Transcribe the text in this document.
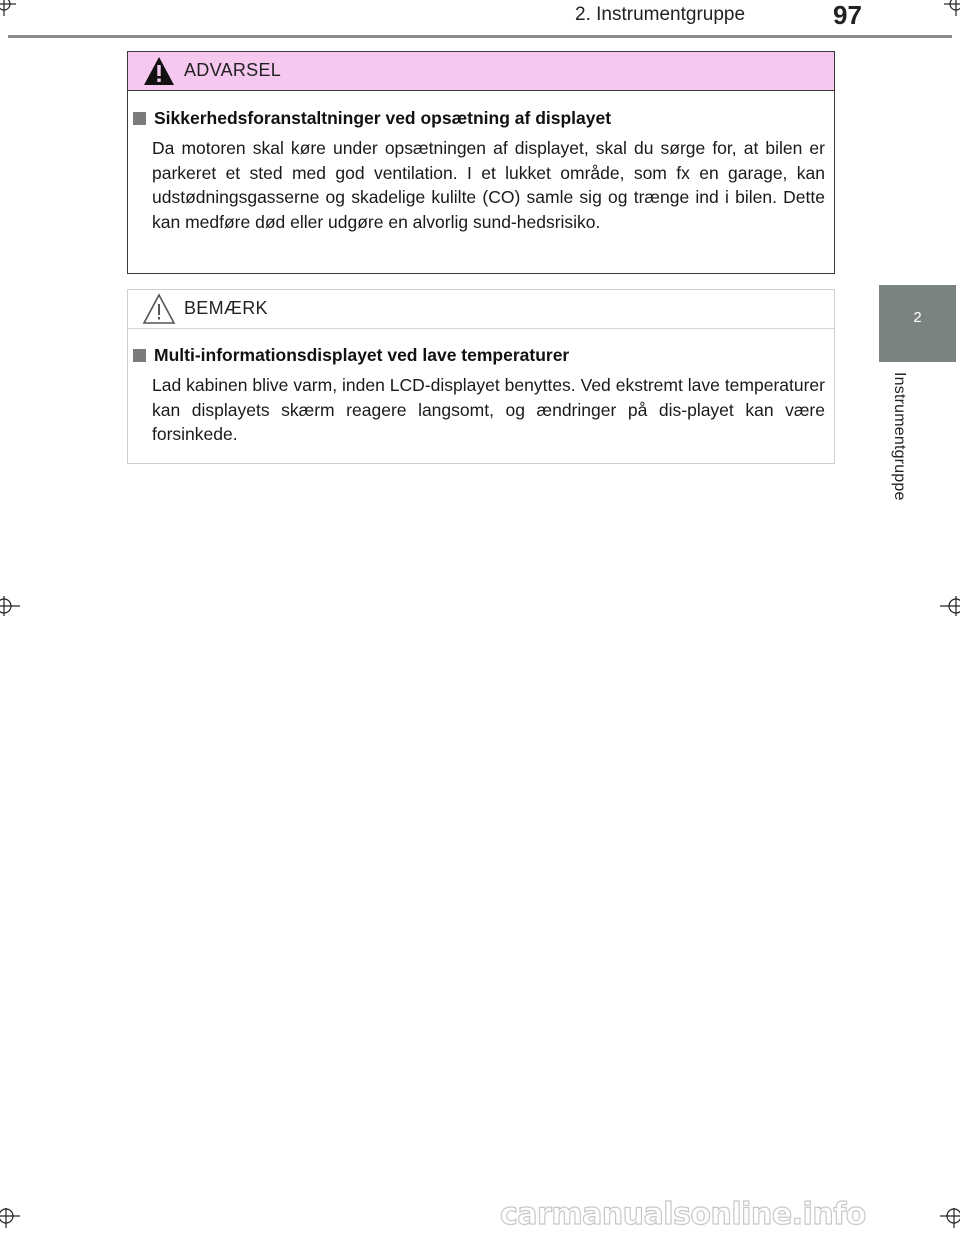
2. Instrumentgruppe	97
2
Instrumentgruppe
ADVARSEL
Sikkerhedsforanstaltninger ved opsætning af displayet
Da motoren skal køre under opsætningen af displayet, skal du sørge for, at bilen er parkeret et sted med god ventilation. I et lukket område, som fx en garage, kan udstødningsgasserne og skadelige kulilte (CO) samle sig og trænge ind i bilen. Dette kan medføre død eller udgøre en alvorlig sund-hedsrisiko.
BEMÆRK
Multi-informationsdisplayet ved lave temperaturer
Lad kabinen blive varm, inden LCD-displayet benyttes. Ved ekstremt lave temperaturer kan displayets skærm reagere langsomt, og ændringer på dis-playet kan være forsinkede.
carmanualsonline.info
